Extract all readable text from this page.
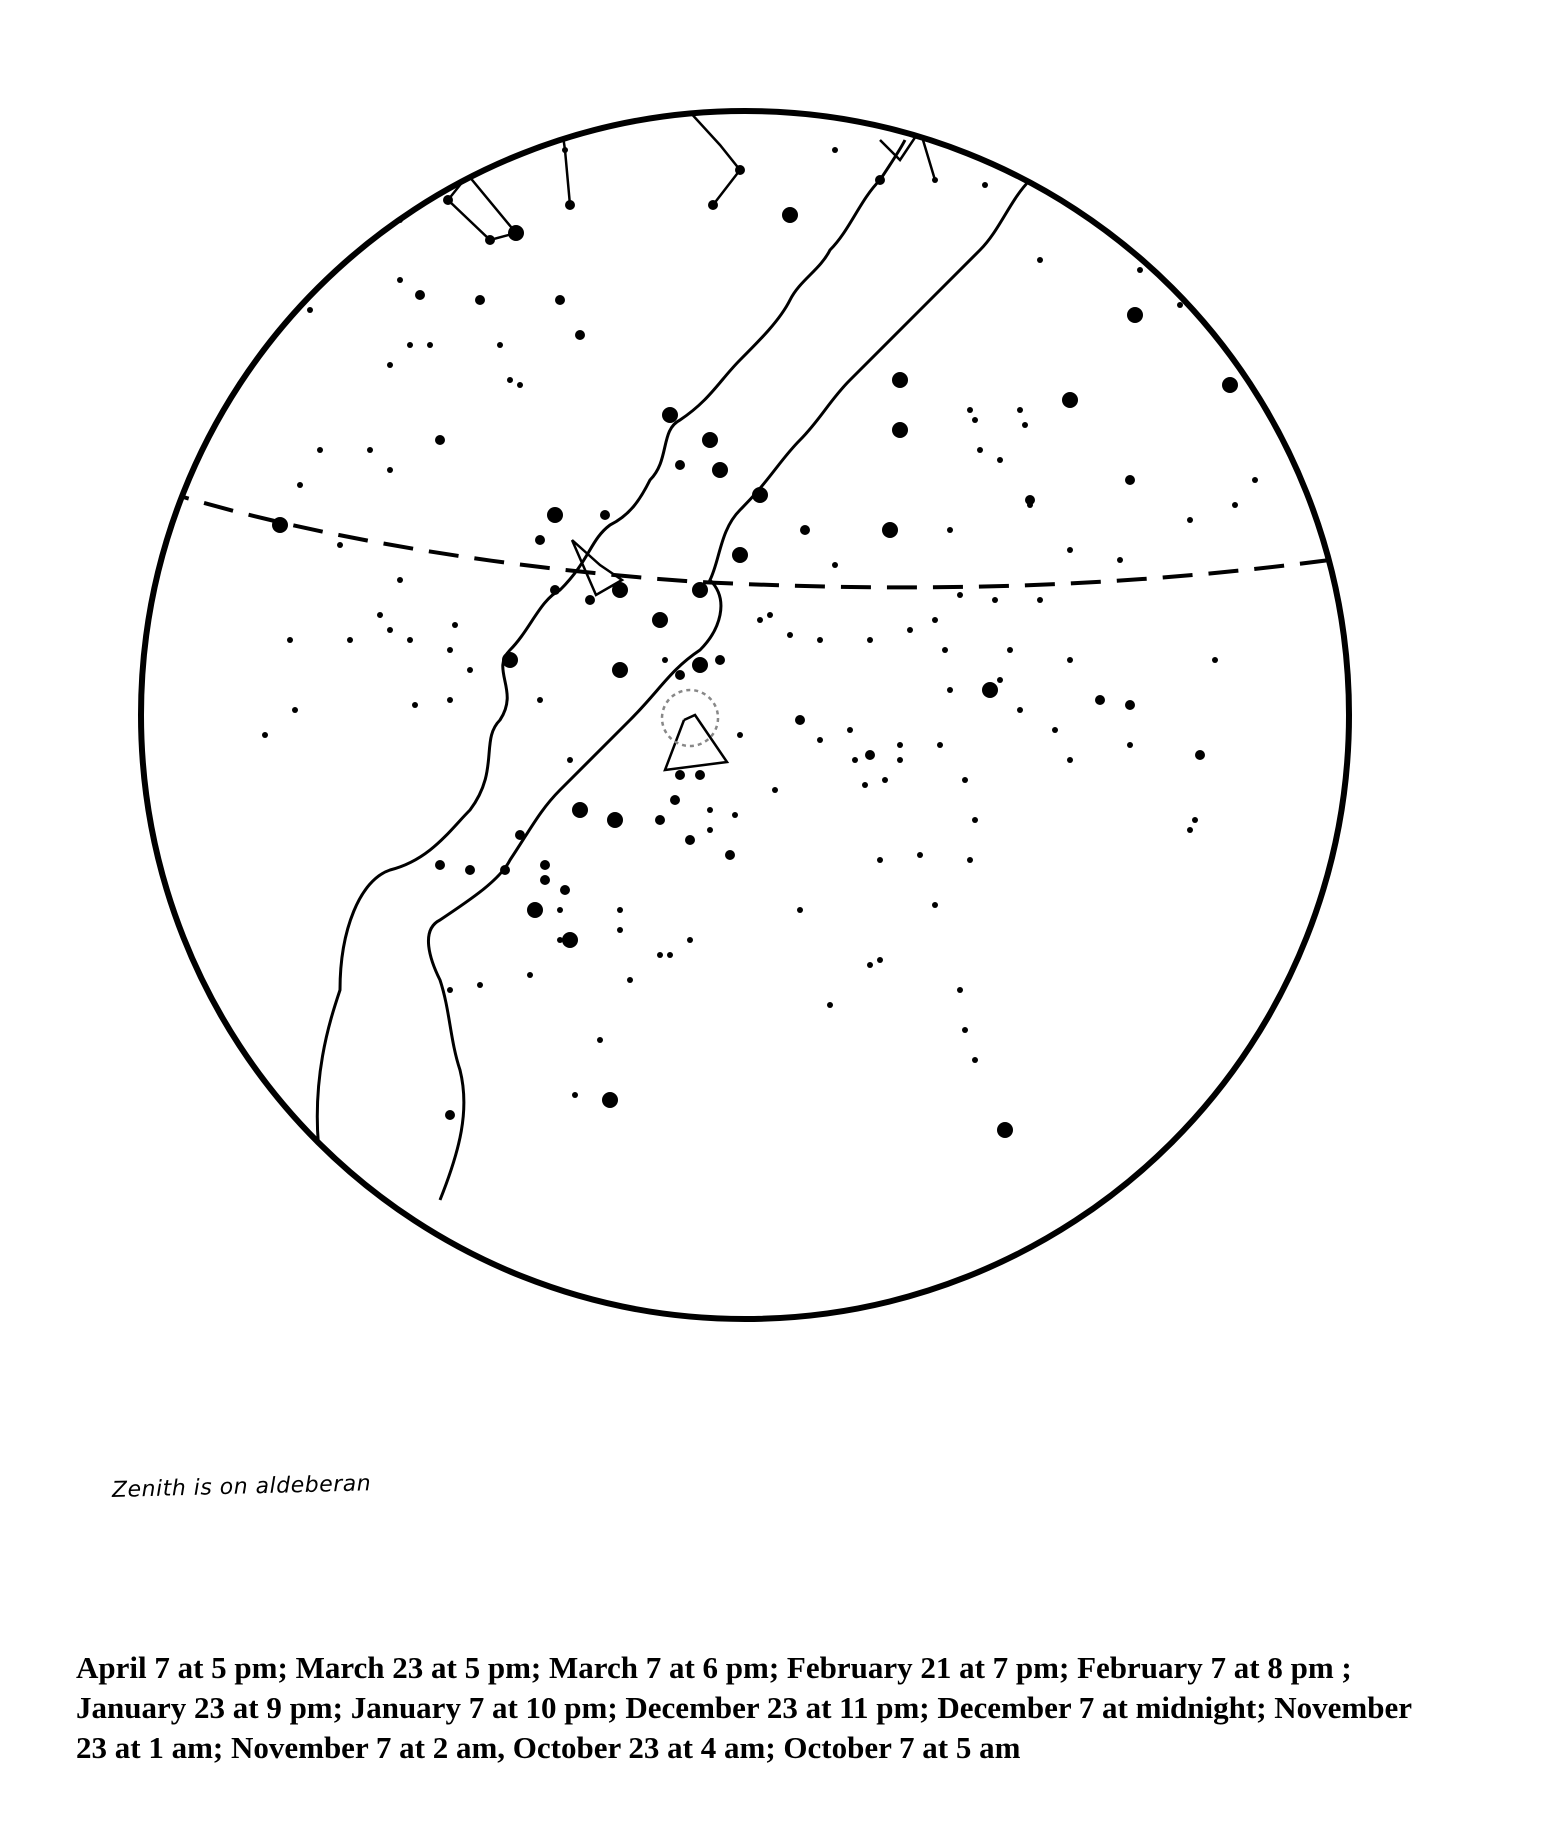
Zenith is on aldeberan
April 7 at 5 pm; March 23 at 5 pm; March 7 at 6 pm; February 21 at 7 pm; February 7 at 8 pm ;
January 23 at 9 pm; January 7 at 10 pm; December 23 at 11 pm; December 7 at midnight; November
23 at 1 am; November 7 at 2 am, October 23 at 4 am; October 7 at 5 am
